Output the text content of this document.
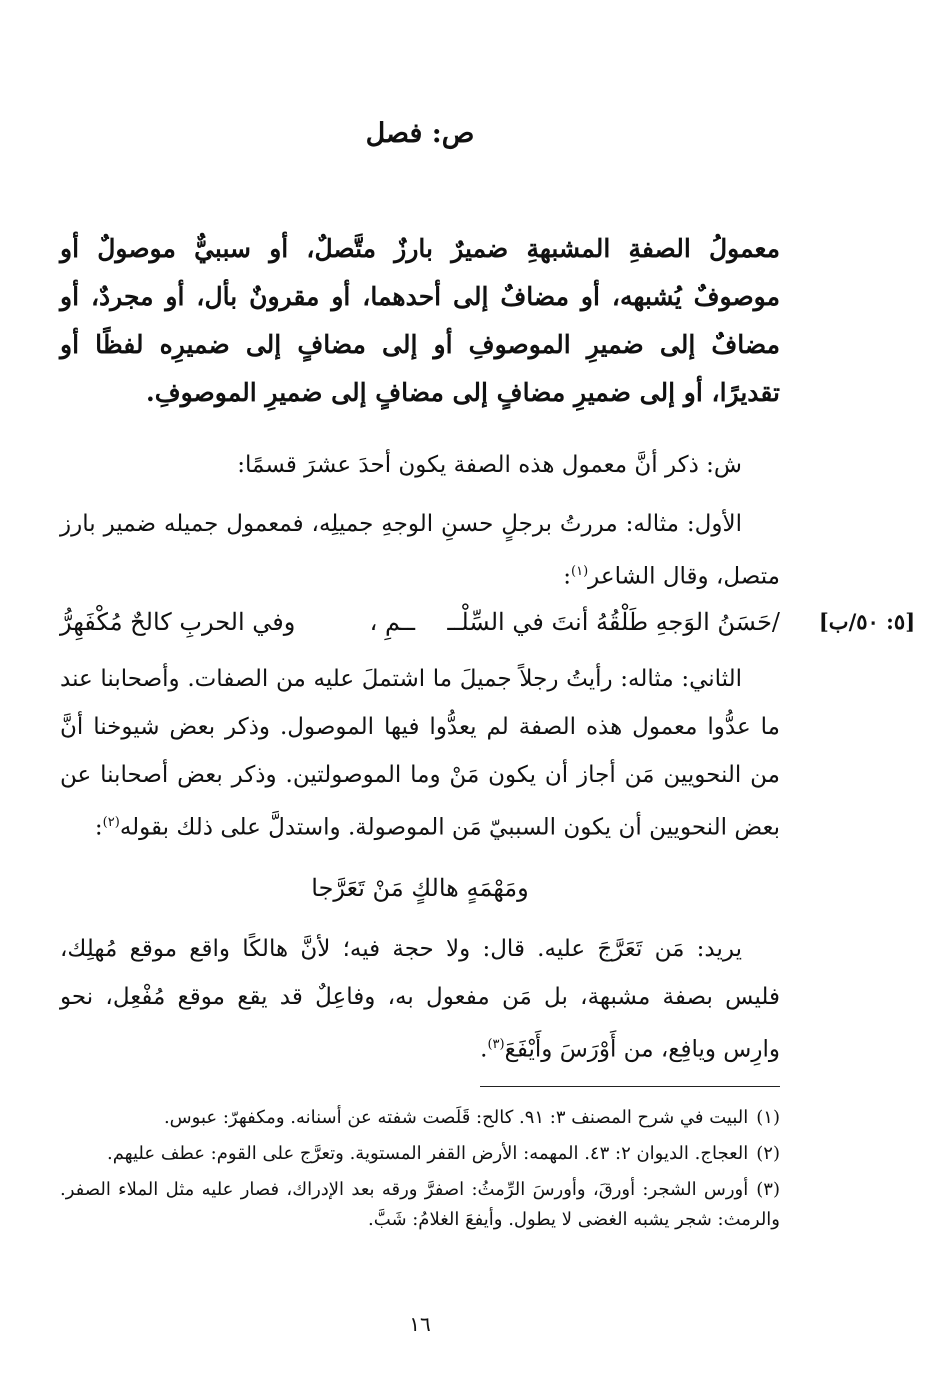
[٥: ٥٠/ب]
ص: فصل

معمولُ الصفةِ المشبهةِ ضميرٌ بارزٌ متَّصلٌ، أو سببيٌّ موصولٌ أو موصوفٌ يُشبهه، أو مضافٌ إلى أحدهما، أو مقرونٌ بأل، أو مجردٌ، أو مضافٌ إلى ضميرِ الموصوفِ أو إلى مضافٍ إلى ضميرِه لفظًا أو تقديرًا، أو إلى ضميرِ مضافٍ إلى مضافٍ إلى ضميرِ الموصوفِ.

ش: ذكر أنَّ معمول هذه الصفة يكون أحدَ عشرَ قسمًا:

الأول: مثاله: مررتُ برجلٍ حسنِ الوجهِ جميلِه، فمعمول جميله ضمير بارز متصل، وقال الشاعر$^{(١)}$:

/حَسَنُ الوَجهِ طَلْقُهُ أنتَ في السِّلْــ
ــمِ ،
وفي الحربِ كالحٌ مُكْفَهِرُّ

الثاني: مثاله: رأيتُ رجلاً جميلَ ما اشتملَ عليه من الصفات. وأصحابنا عند ما عدُّوا معمول هذه الصفة لم يعدُّوا فيها الموصول. وذكر بعض شيوخنا أنَّ من النحويين مَن أجاز أن يكون مَنْ وما الموصولتين. وذكر بعض أصحابنا عن بعض النحويين أن يكون السببيّ مَن الموصولة. واستدلَّ على ذلك بقوله$^{(٢)}$:

ومَهْمَهٍ هالكٍ مَنْ تَعَرَّجا

يريد: مَن تَعَرَّجَ عليه. قال: ولا حجة فيه؛ لأنَّ هالكًا واقع موقع مُهلِك، فليس بصفة مشبهة، بل مَن مفعول به، وفاعِلٌ قد يقع موقع مُفْعِل، نحو وارِس ويافِع، من أَوْرَسَ وأَيْفَعَ$^{(٣)}$.

(١)البيت في شرح المصنف ٣: ٩١. كالح: قَلَصت شفته عن أسنانه. ومكفهرّ: عبوس.

(٢)العجاج. الديوان ٢: ٤٣. المهمه: الأرض القفر المستوية. وتعرَّج على القوم: عطف عليهم.

(٣)أورس الشجر: أورقَ، وأورسَ الرِّمثُ: اصفرَّ ورقه بعد الإدراك، فصار عليه مثل الملاء الصفر. والرمث: شجر يشبه الغضى لا يطول. وأيفعَ الغلامُ: شَبَّ.

١٦
